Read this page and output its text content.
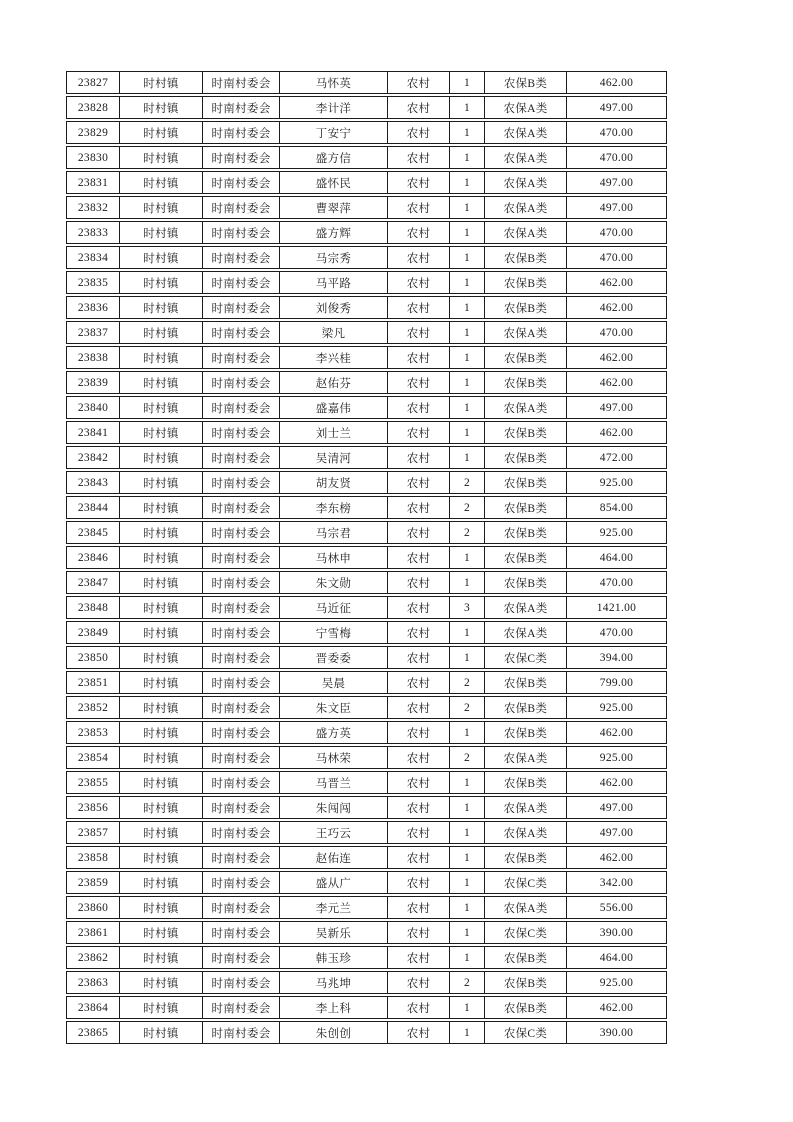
23827	时村镇	时南村委会	马怀英	农村	1	农保B类	462.00
23828	时村镇	时南村委会	李计洋	农村	1	农保A类	497.00
23829	时村镇	时南村委会	丁安宁	农村	1	农保A类	470.00
23830	时村镇	时南村委会	盛方信	农村	1	农保A类	470.00
23831	时村镇	时南村委会	盛怀民	农村	1	农保A类	497.00
23832	时村镇	时南村委会	曹翠萍	农村	1	农保A类	497.00
23833	时村镇	时南村委会	盛方辉	农村	1	农保A类	470.00
23834	时村镇	时南村委会	马宗秀	农村	1	农保B类	470.00
23835	时村镇	时南村委会	马平路	农村	1	农保B类	462.00
23836	时村镇	时南村委会	刘俊秀	农村	1	农保B类	462.00
23837	时村镇	时南村委会	梁凡	农村	1	农保A类	470.00
23838	时村镇	时南村委会	李兴桂	农村	1	农保B类	462.00
23839	时村镇	时南村委会	赵佑芬	农村	1	农保B类	462.00
23840	时村镇	时南村委会	盛嘉伟	农村	1	农保A类	497.00
23841	时村镇	时南村委会	刘士兰	农村	1	农保B类	462.00
23842	时村镇	时南村委会	吴清河	农村	1	农保B类	472.00
23843	时村镇	时南村委会	胡友贤	农村	2	农保B类	925.00
23844	时村镇	时南村委会	李东榜	农村	2	农保B类	854.00
23845	时村镇	时南村委会	马宗君	农村	2	农保B类	925.00
23846	时村镇	时南村委会	马林申	农村	1	农保B类	464.00
23847	时村镇	时南村委会	朱文勋	农村	1	农保B类	470.00
23848	时村镇	时南村委会	马近征	农村	3	农保A类	1421.00
23849	时村镇	时南村委会	宁雪梅	农村	1	农保A类	470.00
23850	时村镇	时南村委会	晋委委	农村	1	农保C类	394.00
23851	时村镇	时南村委会	吴晨	农村	2	农保B类	799.00
23852	时村镇	时南村委会	朱文臣	农村	2	农保B类	925.00
23853	时村镇	时南村委会	盛方英	农村	1	农保B类	462.00
23854	时村镇	时南村委会	马林荣	农村	2	农保A类	925.00
23855	时村镇	时南村委会	马晋兰	农村	1	农保B类	462.00
23856	时村镇	时南村委会	朱闯闯	农村	1	农保A类	497.00
23857	时村镇	时南村委会	王巧云	农村	1	农保A类	497.00
23858	时村镇	时南村委会	赵佑连	农村	1	农保B类	462.00
23859	时村镇	时南村委会	盛从广	农村	1	农保C类	342.00
23860	时村镇	时南村委会	李元兰	农村	1	农保A类	556.00
23861	时村镇	时南村委会	吴新乐	农村	1	农保C类	390.00
23862	时村镇	时南村委会	韩玉珍	农村	1	农保B类	464.00
23863	时村镇	时南村委会	马兆坤	农村	2	农保B类	925.00
23864	时村镇	时南村委会	李上科	农村	1	农保B类	462.00
23865	时村镇	时南村委会	朱创创	农村	1	农保C类	390.00
